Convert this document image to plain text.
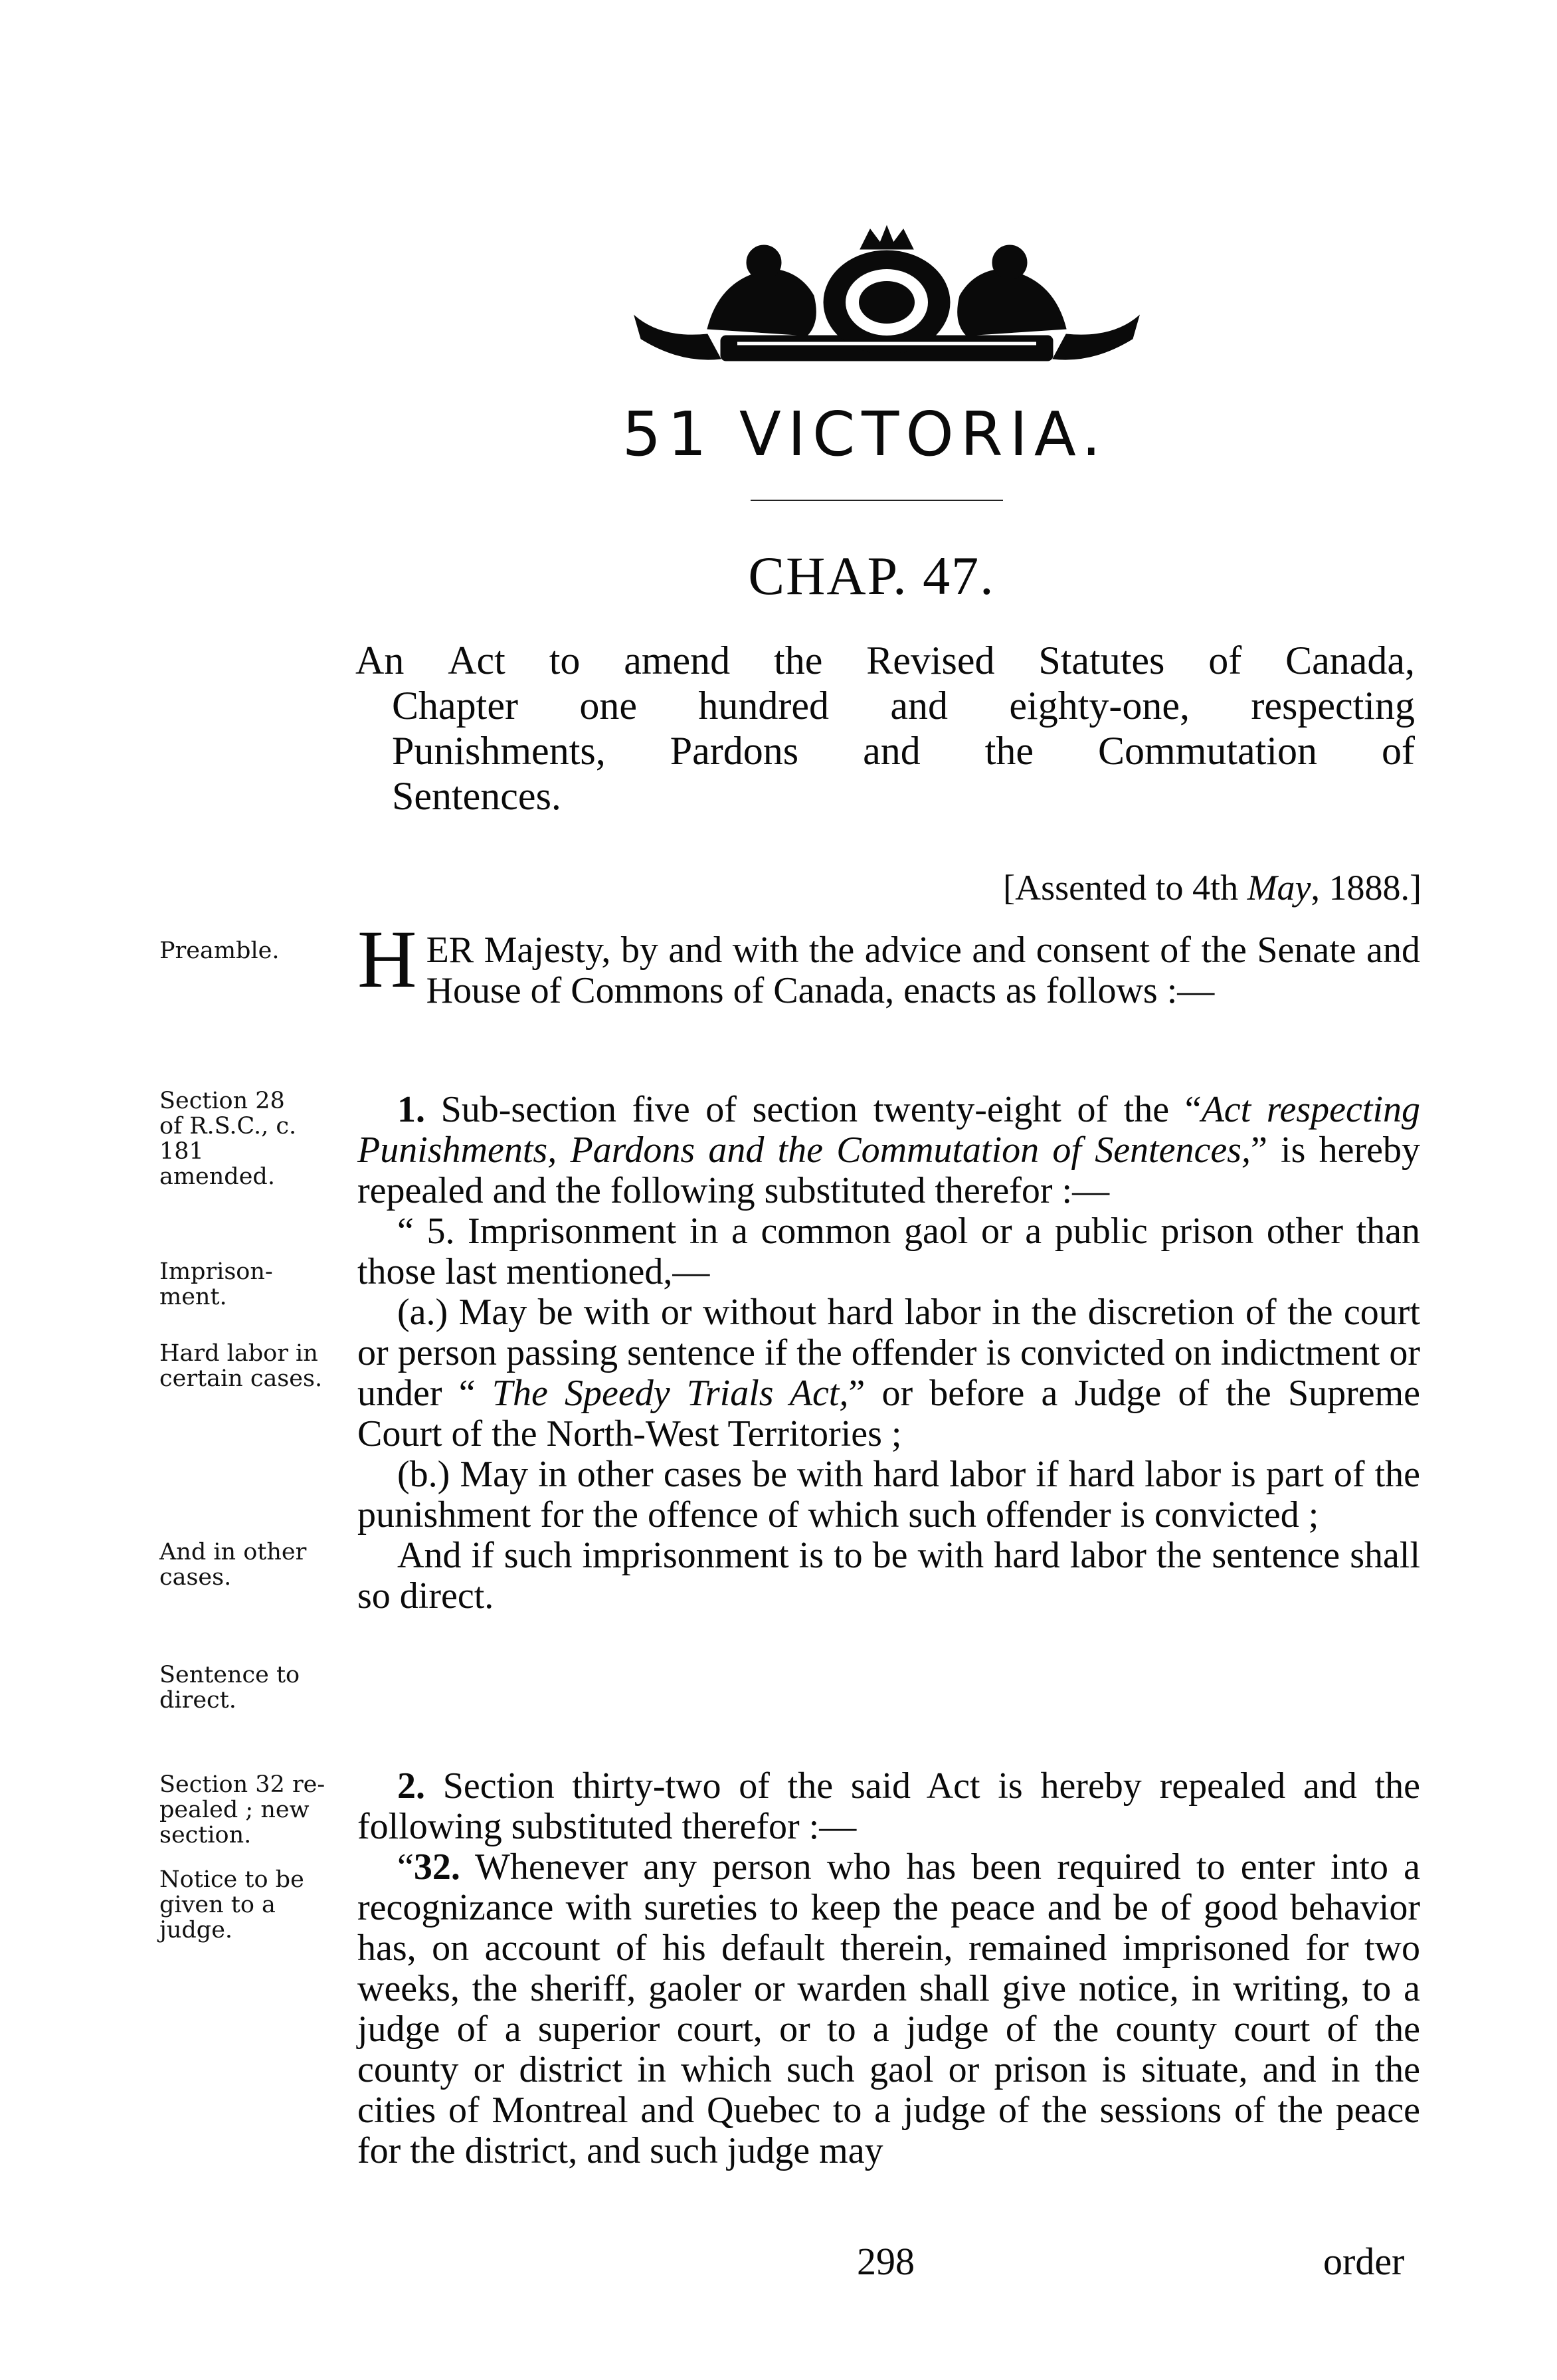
51 VICTORIA.
CHAP. 47.
An Act to amend the Revised Statutes of Canada,
Chapter one hundred and eighty-one, respecting
Punishments, Pardons and the Commutation of
Sentences.
[Assented to 4th May, 1888.]
Preamble.
Section 28 of R.S.C., c. 181 amended.
Imprison-ment.
Hard labor in certain cases.
And in other cases.
Sentence to direct.
Section 32 re-pealed ; new section.
Notice to be given to a judge.

HER Majesty, by and with the advice and consent of the Senate and House of Commons of Canada, enacts as follows :—

1. Sub-section five of section twenty-eight of the “Act respecting Punishments, Pardons and the Commutation of Sentences,” is hereby repealed and the following substituted therefor :—

“ 5. Imprisonment in a common gaol or a public prison other than those last mentioned,—

(a.) May be with or without hard labor in the discretion of the court or person passing sentence if the offender is convicted on indictment or under “ The Speedy Trials Act,” or before a Judge of the Supreme Court of the North-West Territories ;

(b.) May in other cases be with hard labor if hard labor is part of the punishment for the offence of which such offender is convicted ;

And if such imprisonment is to be with hard labor the sentence shall so direct.

2. Section thirty-two of the said Act is hereby repealed and the following substituted therefor :—

“32. Whenever any person who has been required to enter into a recognizance with sureties to keep the peace and be of good behavior has, on account of his default therein, remained imprisoned for two weeks, the sheriff, gaoler or warden shall give notice, in writing, to a judge of a superior court, or to a judge of the county court of the county or district in which such gaol or prison is situate, and in the cities of Montreal and Quebec to a judge of the sessions of the peace for the district, and such judge may

298	order
